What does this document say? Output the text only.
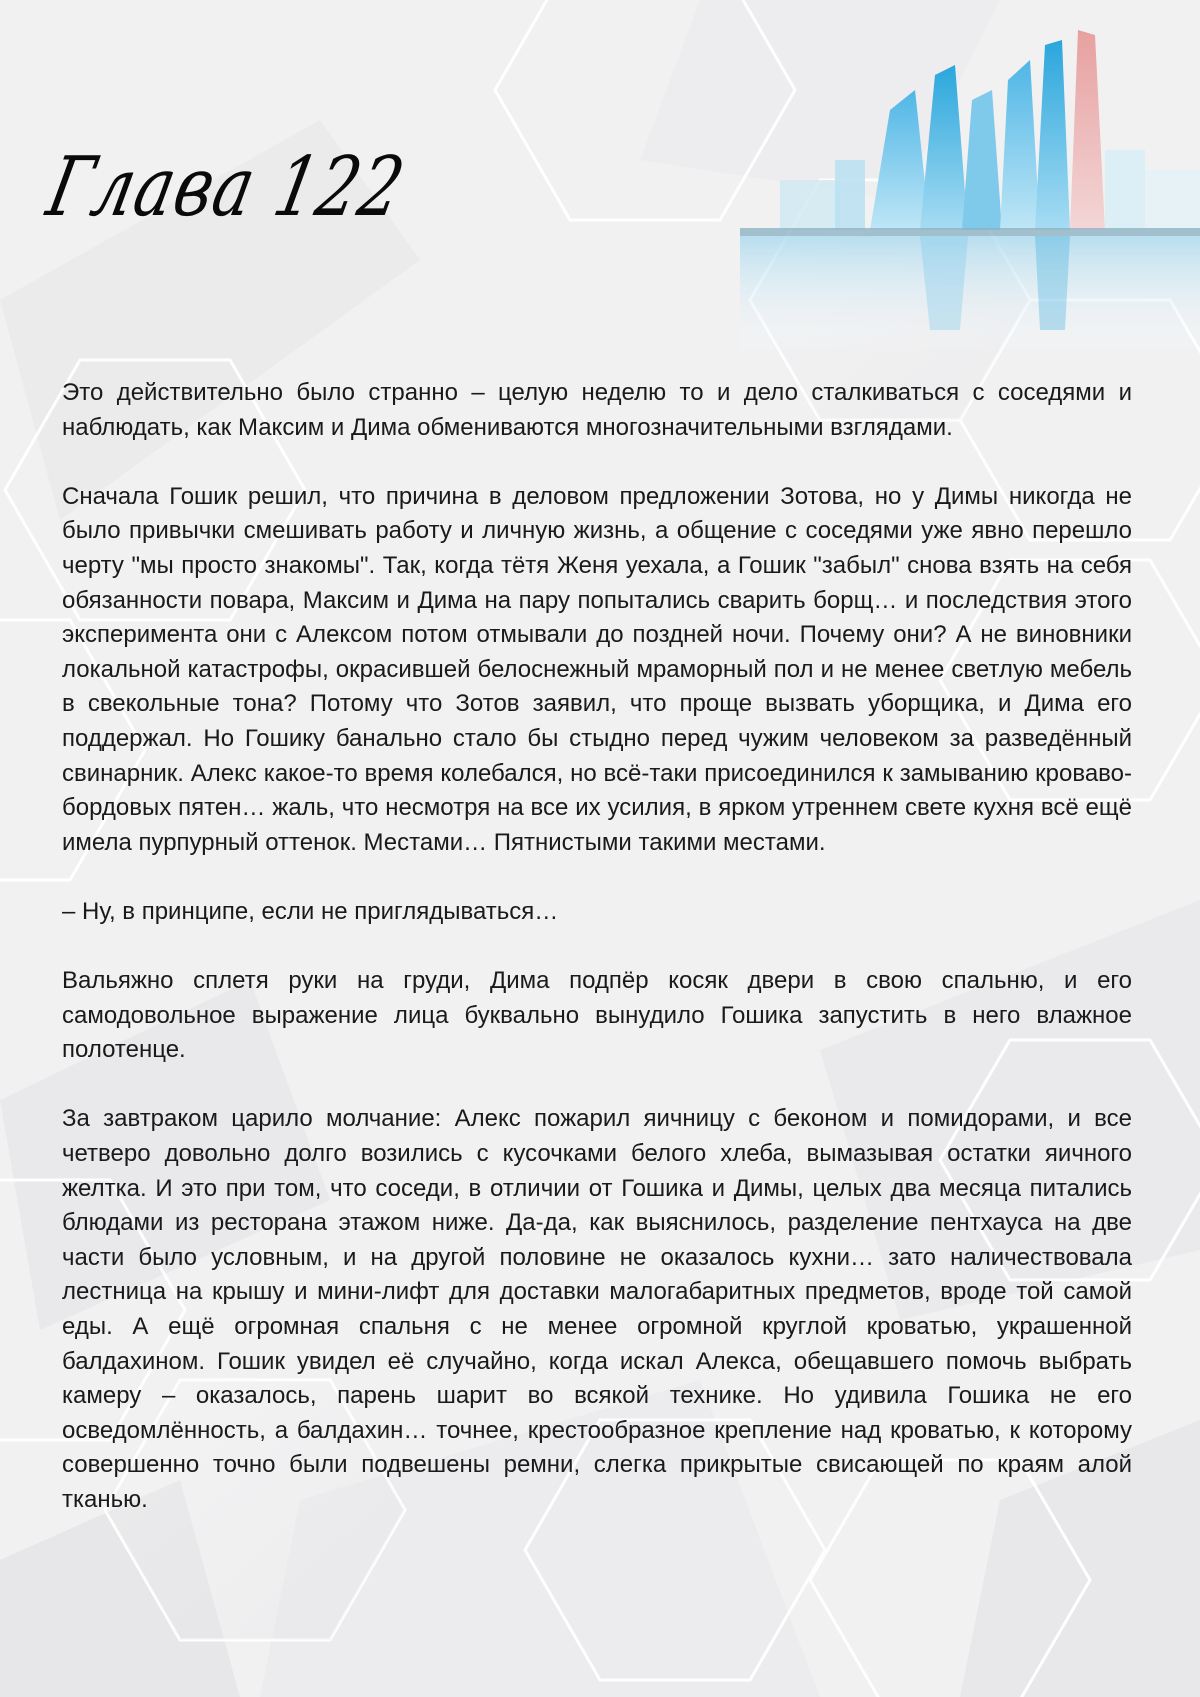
Глава 122

Это действительно было странно – целую неделю то и дело сталкиваться с соседями и наблюдать, как Максим и Дима обмениваются многозначительными взглядами.

Сначала Гошик решил, что причина в деловом предложении Зотова, но у Димы никогда не было привычки смешивать работу и личную жизнь, а общение с соседями уже явно перешло черту "мы просто знакомы". Так, когда тётя Женя уехала, а Гошик "забыл" снова взять на себя обязанности повара, Максим и Дима на пару попытались сварить борщ… и последствия этого эксперимента они с Алексом потом отмывали до поздней ночи. Почему они? А не виновники локальной катастрофы, окрасившей белоснежный мраморный пол и не менее светлую мебель в свекольные тона? Потому что Зотов заявил, что проще вызвать уборщика, и Дима его поддержал. Но Гошику банально стало бы стыдно перед чужим человеком за разведённый свинарник. Алекс какое-то время колебался, но всё-таки присоединился к замыванию кроваво-бордовых пятен… жаль, что несмотря на все их усилия, в ярком утреннем свете кухня всё ещё имела пурпурный оттенок. Местами… Пятнистыми такими местами.

– Ну, в принципе, если не приглядываться…

Вальяжно сплетя руки на груди, Дима подпёр косяк двери в свою спальню, и его самодовольное выражение лица буквально вынудило Гошика запустить в него влажное полотенце.

За завтраком царило молчание: Алекс пожарил яичницу с беконом и помидорами, и все четверо довольно долго возились с кусочками белого хлеба, вымазывая остатки яичного желтка. И это при том, что соседи, в отличии от Гошика и Димы, целых два месяца питались блюдами из ресторана этажом ниже. Да-да, как выяснилось, разделение пентхауса на две части было условным, и на другой половине не оказалось кухни… зато наличествовала лестница на крышу и мини-лифт для доставки малогабаритных предметов, вроде той самой еды. А ещё огромная спальня с не менее огромной круглой кроватью, украшенной балдахином. Гошик увидел её случайно, когда искал Алекса, обещавшего помочь выбрать камеру – оказалось, парень шарит во всякой технике. Но удивила Гошика не его осведомлённость, а балдахин… точнее, крестообразное крепление над кроватью, к которому совершенно точно были подвешены ремни, слегка прикрытые свисающей по краям алой тканью.
